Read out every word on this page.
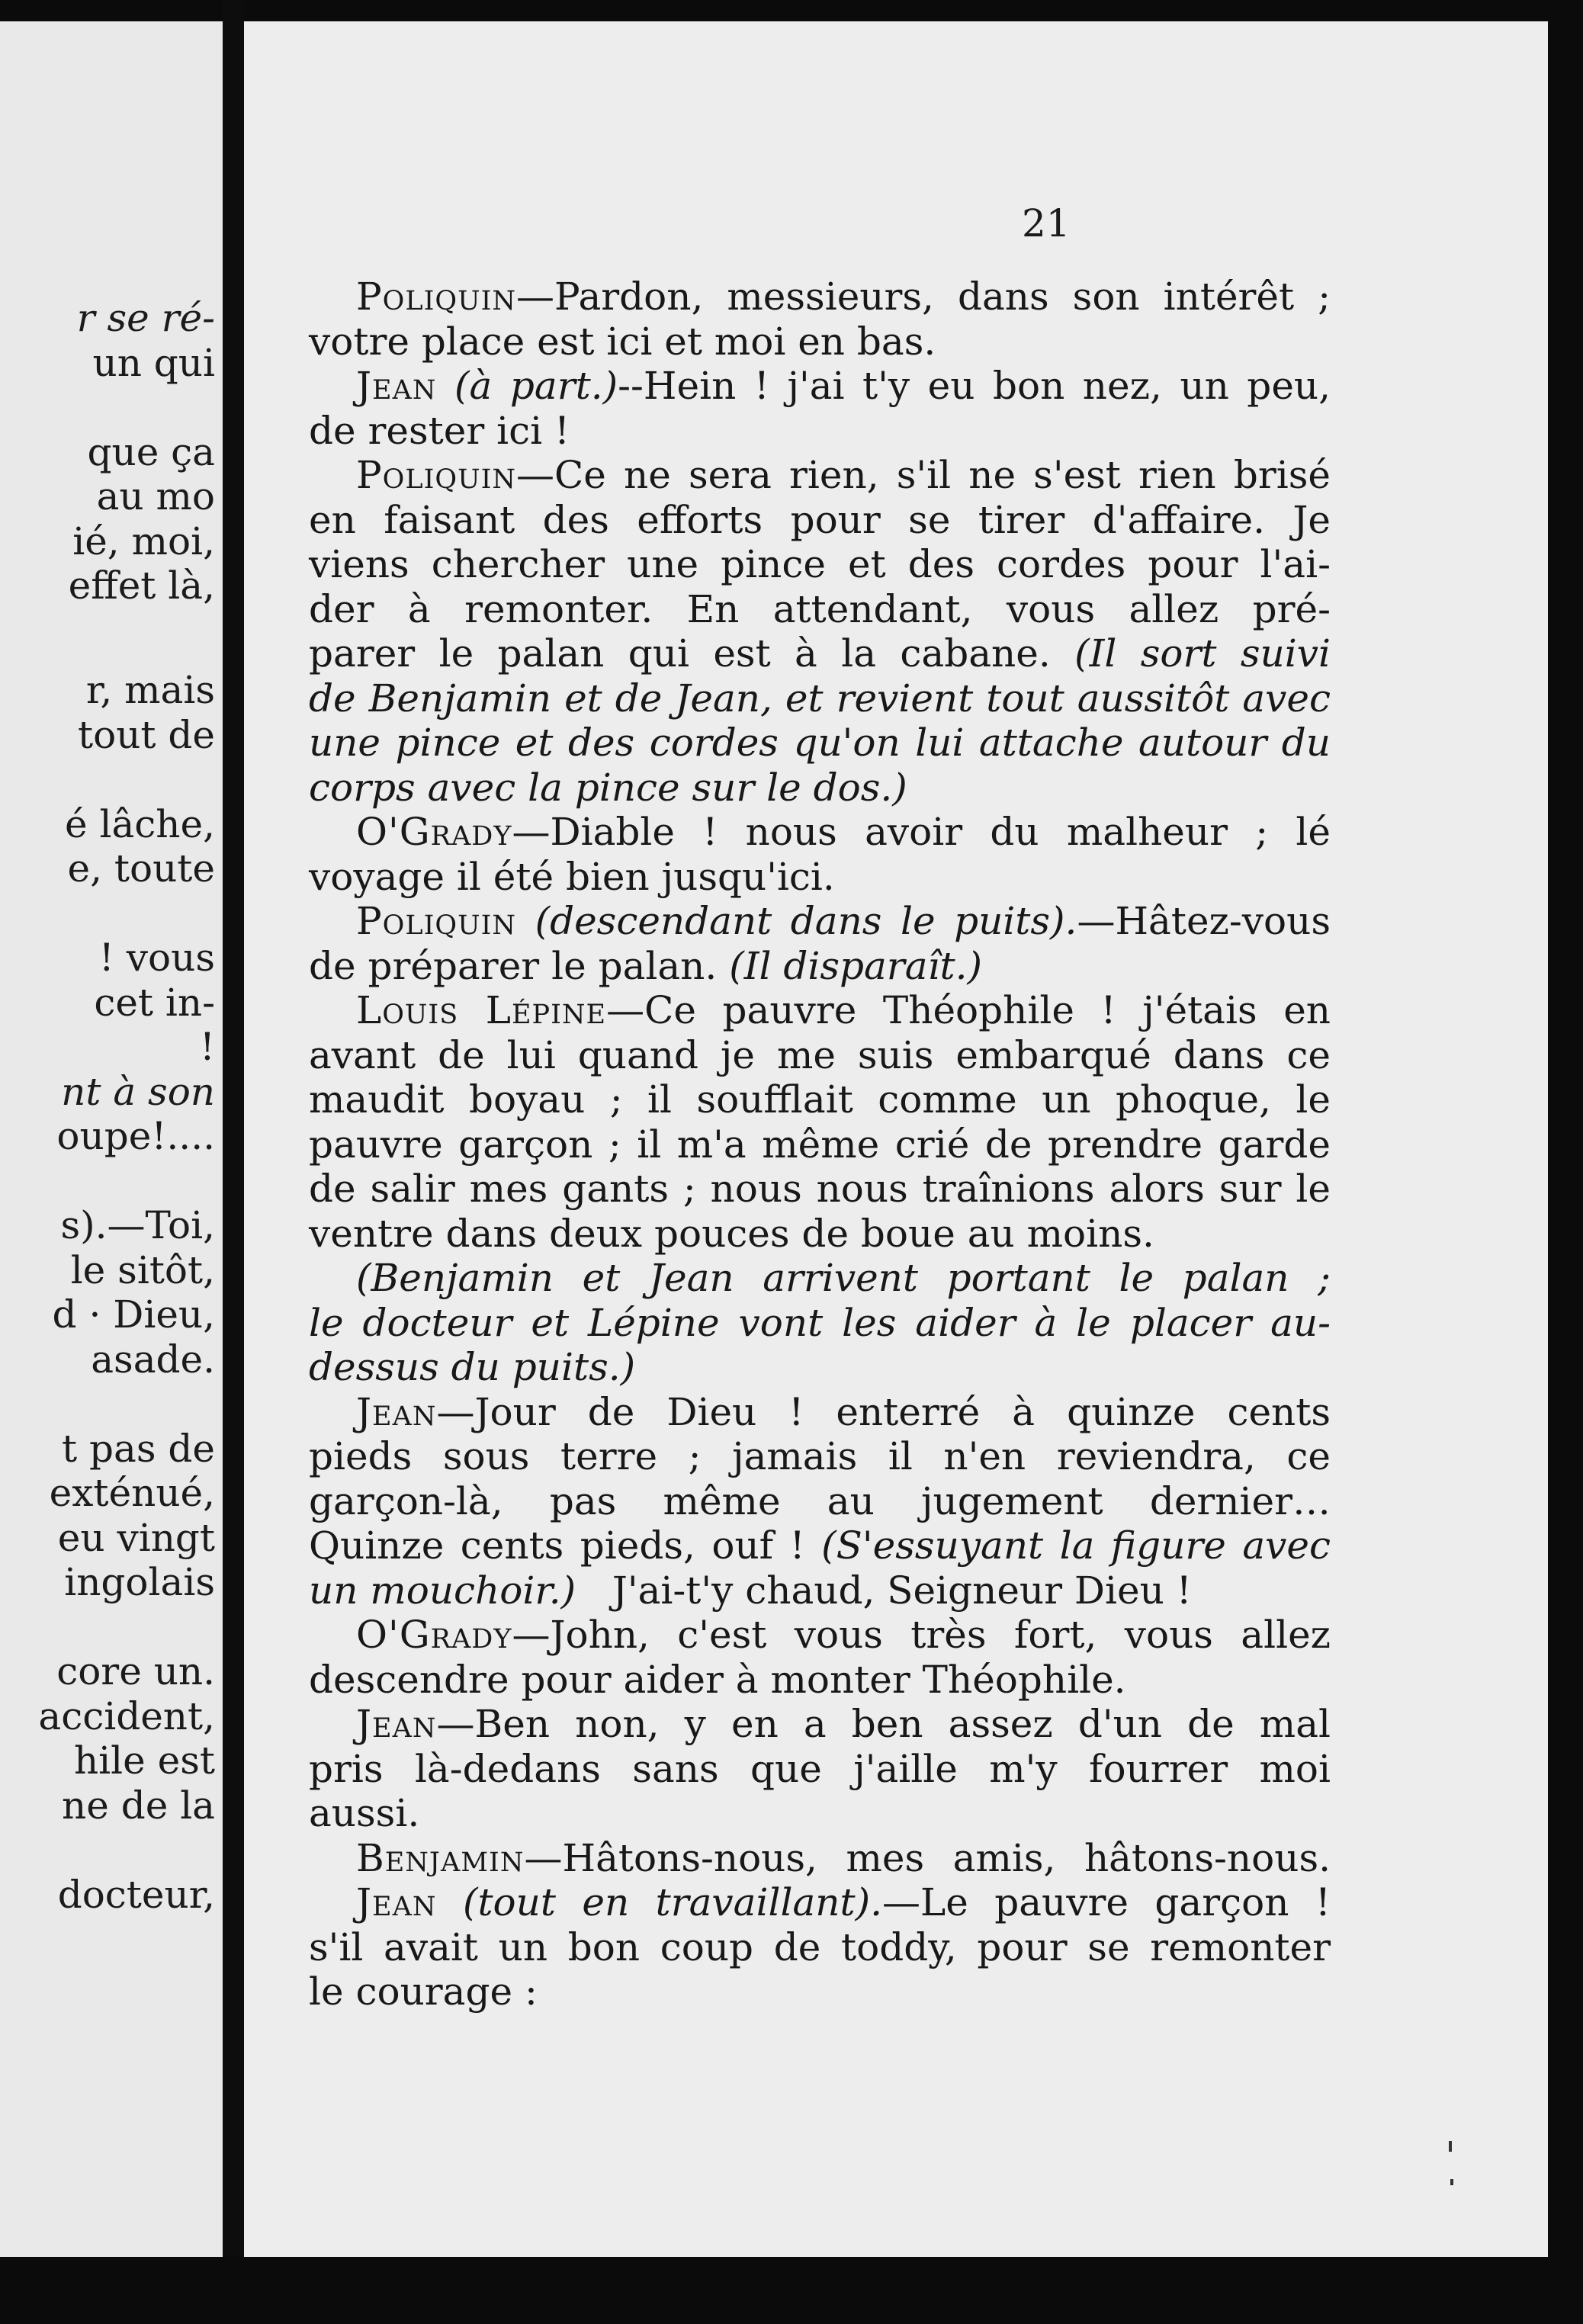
r se ré-
un qui
que ça
au mo
ié, moi,
effet là,
r, mais
tout de
é lâche,
e, toute
! vous
cet in-
!
nt à son
oupe!....
s).—Toi,
le sitôt,
d · Dieu,
asade.
t pas de
exténué,
eu vingt
ingolais
core un.
accident,
hile est
ne de la
docteur,
21
Poliquin—Pardon, messieurs, dans son intérêt ;
votre place est ici et moi en bas.
Jean (à part.)--Hein ! j'ai t'y eu bon nez, un peu,
de rester ici !
Poliquin—Ce ne sera rien, s'il ne s'est rien brisé
en faisant des efforts pour se tirer d'affaire. Je
viens chercher une pince et des cordes pour l'ai-
der à remonter. En attendant, vous allez pré-
parer le palan qui est à la cabane. (Il sort suivi
de Benjamin et de Jean, et revient tout aussitôt avec
une pince et des cordes qu'on lui attache autour du
corps avec la pince sur le dos.)
O'Grady—Diable ! nous avoir du malheur ; lé
voyage il été bien jusqu'ici.
Poliquin (descendant dans le puits).—Hâtez-vous
de préparer le palan. (Il disparaît.)
Louis Lépine—Ce pauvre Théophile ! j'étais en
avant de lui quand je me suis embarqué dans ce
maudit boyau ; il soufflait comme un phoque, le
pauvre garçon ; il m'a même crié de prendre garde
de salir mes gants ; nous nous traînions alors sur le
ventre dans deux pouces de boue au moins.
(Benjamin et Jean arrivent portant le palan ;
le docteur et Lépine vont les aider à le placer au-
dessus du puits.)
Jean—Jour de Dieu ! enterré à quinze cents
pieds sous terre ; jamais il n'en reviendra, ce
garçon-là, pas même au jugement dernier…
Quinze cents pieds, ouf ! (S'essuyant la figure avec
un mouchoir.) J'ai-t'y chaud, Seigneur Dieu !
O'Grady—John, c'est vous très fort, vous allez
descendre pour aider à monter Théophile.
Jean—Ben non, y en a ben assez d'un de mal
pris là-dedans sans que j'aille m'y fourrer moi
aussi.
Benjamin—Hâtons-nous, mes amis, hâtons-nous.
Jean (tout en travaillant).—Le pauvre garçon !
s'il avait un bon coup de toddy, pour se remonter
le courage :
